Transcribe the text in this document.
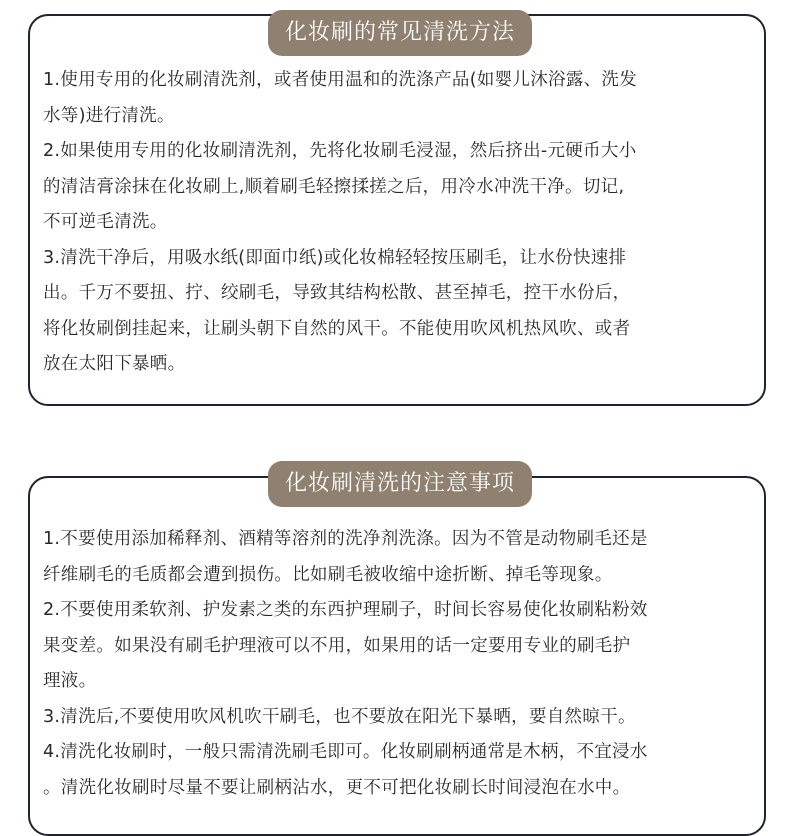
化妆刷的常见清洗方法

1.使用专用的化妆刷清洗剂，或者使用温和的洗涤产品(如婴儿沐浴露、洗发
水等)进行清洗。

2.如果使用专用的化妆刷清洗剂，先将化妆刷毛浸湿，然后挤出-元硬币大小
的清洁膏涂抹在化妆刷上,顺着刷毛轻擦揉搓之后，用冷水冲洗干净。切记,
不可逆毛清洗。

3.清洗干净后，用吸水纸(即面巾纸)或化妆棉轻轻按压刷毛，让水份快速排
出。千万不要扭、拧、绞刷毛，导致其结构松散、甚至掉毛，控干水份后，
将化妆刷倒挂起来，让刷头朝下自然的风干。不能使用吹风机热风吹、或者
放在太阳下暴晒。

化妆刷清洗的注意事项

1.不要使用添加稀释剂、酒精等溶剂的洗净剂洗涤。因为不管是动物刷毛还是
纤维刷毛的毛质都会遭到损伤。比如刷毛被收缩中途折断、掉毛等现象。

2.不要使用柔软剂、护发素之类的东西护理刷子，时间长容易使化妆刷粘粉效
果变差。如果没有刷毛护理液可以不用，如果用的话一定要用专业的刷毛护
理液。

3.清洗后,不要使用吹风机吹干刷毛，也不要放在阳光下暴晒，要自然晾干。

4.清洗化妆刷时，一般只需清洗刷毛即可。化妆刷刷柄通常是木柄，不宜浸水
。清洗化妆刷时尽量不要让刷柄沾水，更不可把化妆刷长时间浸泡在水中。
